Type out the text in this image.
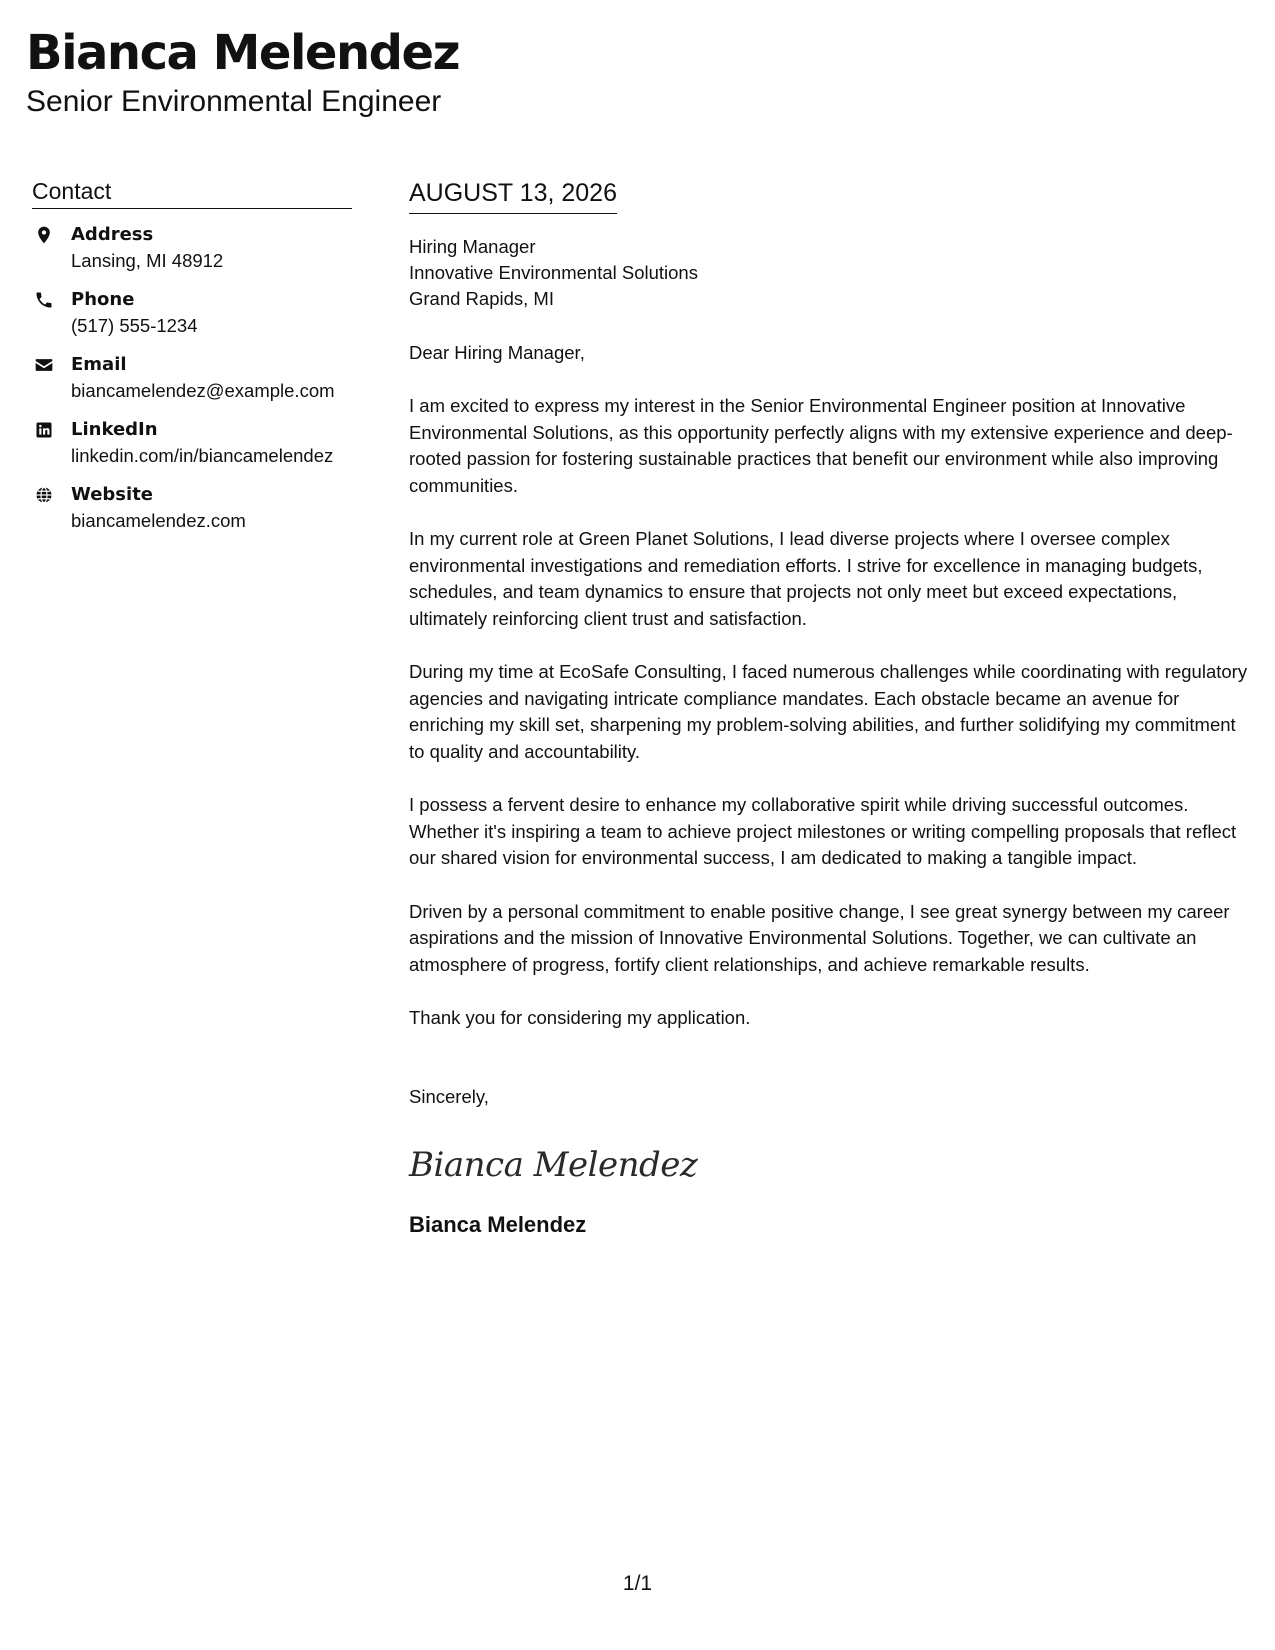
Bianca Melendez
Senior Environmental Engineer
Contact
Address
Lansing, MI 48912
Phone
(517) 555-1234
Email
biancamelendez@example.com
LinkedIn
linkedin.com/in/biancamelendez
Website
biancamelendez.com
AUGUST 13, 2026
Hiring Manager
Innovative Environmental Solutions
Grand Rapids, MI
Dear Hiring Manager,

I am excited to express my interest in the Senior Environmental Engineer position at Innovative Environmental Solutions, as this opportunity perfectly aligns with my extensive experience and deep-rooted passion for fostering sustainable practices that benefit our environment while also improving communities.

In my current role at Green Planet Solutions, I lead diverse projects where I oversee complex environmental investigations and remediation efforts. I strive for excellence in managing budgets, schedules, and team dynamics to ensure that projects not only meet but exceed expectations, ultimately reinforcing client trust and satisfaction.

During my time at EcoSafe Consulting, I faced numerous challenges while coordinating with regulatory agencies and navigating intricate compliance mandates. Each obstacle became an avenue for enriching my skill set, sharpening my problem-solving abilities, and further solidifying my commitment to quality and accountability.

I possess a fervent desire to enhance my collaborative spirit while driving successful outcomes. Whether it's inspiring a team to achieve project milestones or writing compelling proposals that reflect our shared vision for environmental success, I am dedicated to making a tangible impact.

Driven by a personal commitment to enable positive change, I see great synergy between my career aspirations and the mission of Innovative Environmental Solutions. Together, we can cultivate an atmosphere of progress, fortify client relationships, and achieve remarkable results.

Thank you for considering my application.

Sincerely,
Bianca Melendez
Bianca Melendez
1/1
